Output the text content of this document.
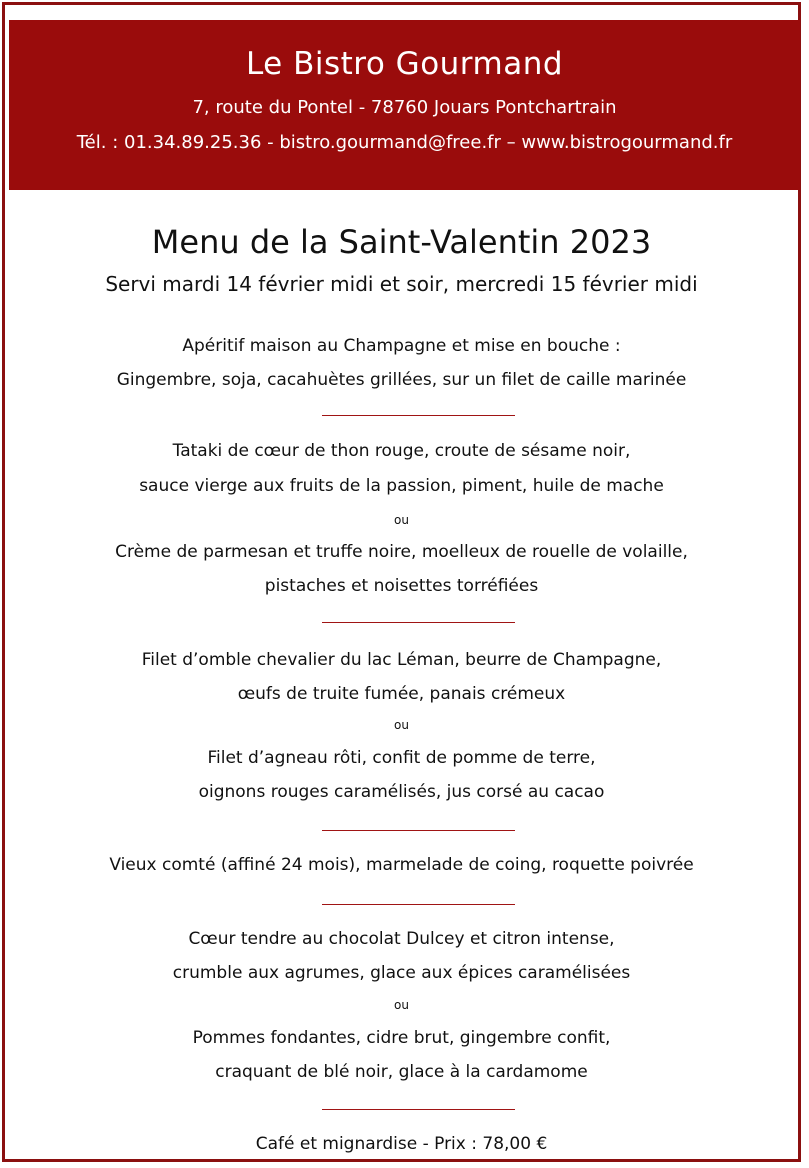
Le Bistro Gourmand
7, route du Pontel - 78760 Jouars Pontchartrain
Tél. : 01.34.89.25.36 - bistro.gourmand@free.fr – www.bistrogourmand.fr
Menu de la Saint-Valentin 2023
Servi mardi 14 février midi et soir, mercredi 15 février midi
Apéritif maison au Champagne et mise en bouche :
Gingembre, soja, cacahuètes grillées, sur un filet de caille marinée
Tataki de cœur de thon rouge, croute de sésame noir,
sauce vierge aux fruits de la passion, piment, huile de mache
ou
Crème de parmesan et truffe noire, moelleux de rouelle de volaille,
pistaches et noisettes torréfiées
Filet d’omble chevalier du lac Léman, beurre de Champagne,
œufs de truite fumée, panais crémeux
ou
Filet d’agneau rôti, confit de pomme de terre,
oignons rouges caramélisés, jus corsé au cacao
Vieux comté (affiné 24 mois), marmelade de coing, roquette poivrée
Cœur tendre au chocolat Dulcey et citron intense,
crumble aux agrumes, glace aux épices caramélisées
ou
Pommes fondantes, cidre brut, gingembre confit,
craquant de blé noir, glace à la cardamome
Café et mignardise - Prix : 78,00 €
